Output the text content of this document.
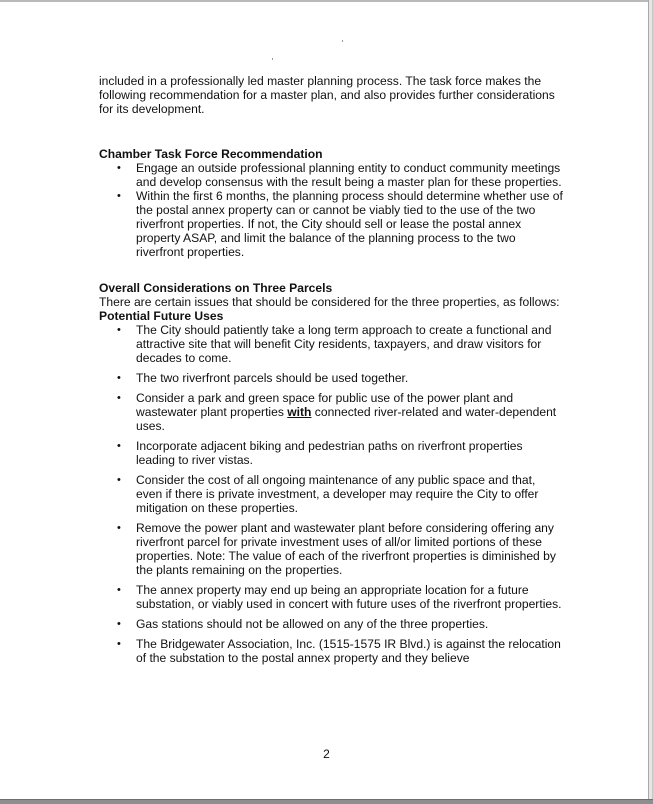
included in a professionally led master planning process. The task force makes the following recommendation for a master plan, and also provides further considerations for its development.

Chamber Task Force Recommendation

• Engage an outside professional planning entity to conduct community meetings and develop consensus with the result being a master plan for these properties.
• Within the first 6 months, the planning process should determine whether use of the postal annex property can or cannot be viably tied to the use of the two riverfront properties. If not, the City should sell or lease the postal annex property ASAP, and limit the balance of the planning process to the two riverfront properties.

Overall Considerations on Three Parcels

There are certain issues that should be considered for the three properties, as follows:

Potential Future Uses

• The City should patiently take a long term approach to create a functional and attractive site that will benefit City residents, taxpayers, and draw visitors for decades to come.
• The two riverfront parcels should be used together.
• Consider a park and green space for public use of the power plant and wastewater plant properties with connected river-related and water-dependent uses.
• Incorporate adjacent biking and pedestrian paths on riverfront properties leading to river vistas.
• Consider the cost of all ongoing maintenance of any public space and that, even if there is private investment, a developer may require the City to offer mitigation on these properties.
• Remove the power plant and wastewater plant before considering offering any riverfront parcel for private investment uses of all/or limited portions of these properties. Note: The value of each of the riverfront properties is diminished by the plants remaining on the properties.
• The annex property may end up being an appropriate location for a future substation, or viably used in concert with future uses of the riverfront properties.
• Gas stations should not be allowed on any of the three properties.
• The Bridgewater Association, Inc. (1515-1575 IR Blvd.) is against the relocation of the substation to the postal annex property and they believe
2
